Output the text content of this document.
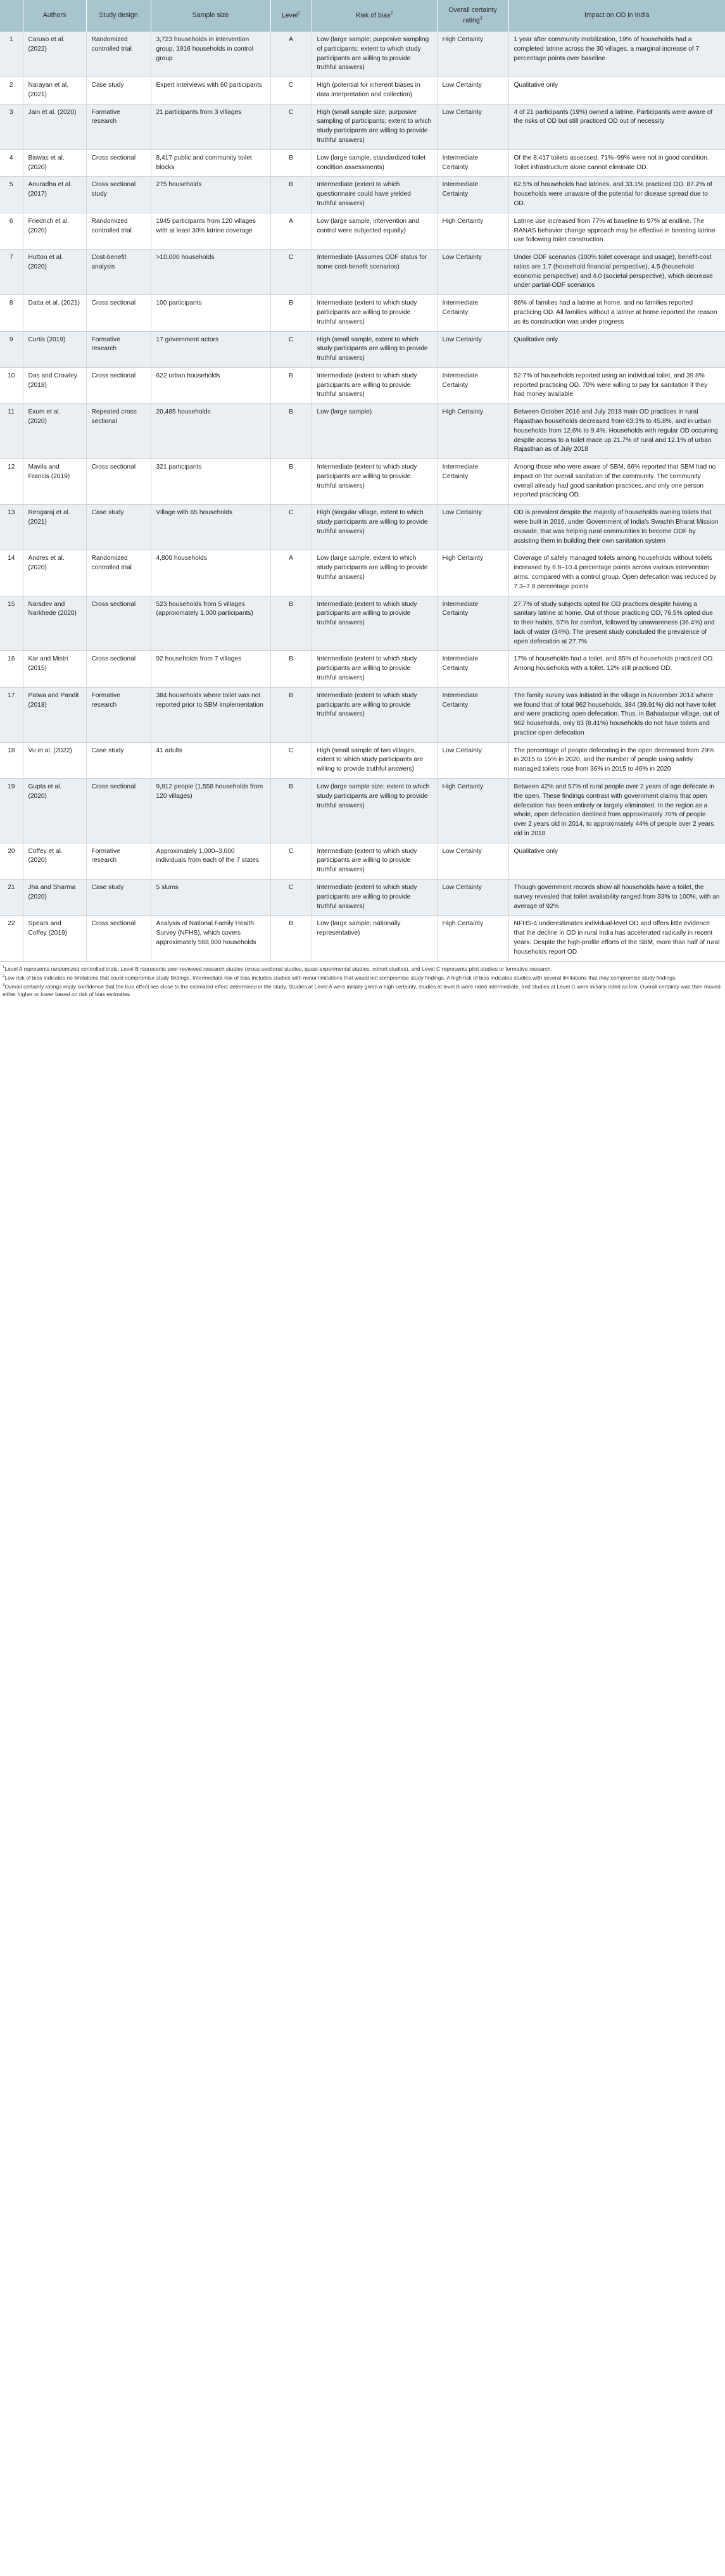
	Authors	Study design	Sample size	Level$^1$	Risk of bias$^2$	Overall certainty rating$^3$	Impact on OD in India
1	Caruso et al. (2022)	Randomized controlled trial	3,723 households in intervention group, 1916 households in control group	A	Low (large sample; purposive sampling of participants; extent to which study participants are willing to provide truthful answers)	High Certainty	1 year after community mobilization, 19% of households had a completed latrine across the 30 villages, a marginal increase of 7 percentage points over baseline
2	Narayan et al. (2021)	Case study	Expert interviews with 60 participants	C	High (potential for inherent biases in data interpretation and collection)	Low Certainty	Qualitative only
3	Jain et al. (2020)	Formative research	21 participants from 3 villages	C	High (small sample size; purposive sampling of participants; extent to which study participants are willing to provide truthful answers)	Low Certainty	4 of 21 participants (19%) owned a latrine. Participants were aware of the risks of OD but still practiced OD out of necessity
4	Biswas et al. (2020)	Cross sectional	8,417 public and community toilet blocks	B	Low (large sample, standardized toilet condition assessments)	Intermediate Certainty	Of the 8,417 toilets assessed, 71%–99% were not in good condition. Toilet infrastructure alone cannot eliminate OD.
5	Anuradha et al. (2017)	Cross sectional study	275 households	B	Intermediate (extent to which questionnaire could have yielded truthful answers)	Intermediate Certainty	62.5% of households had latrines, and 33.1% practiced OD. 87.2% of households were unaware of the potential for disease spread due to OD.
6	Friedrich et al. (2020)	Randomized controlled trial	1945 participants from 120 villages with at least 30% latrine coverage	A	Low (large sample, intervention and control were subjected equally)	High Certainty	Latrine use increased from 77% at baseline to 97% at endline. The RANAS behavior change approach may be effective in boosting latrine use following toilet construction
7	Hutton et al. (2020)	Cost-benefit analysis	>10,000 households	C	Intermediate (Assumes ODF status for some cost-benefit scenarios)	Low Certainty	Under ODF scenarios (100% toilet coverage and usage), benefit-cost ratios are 1.7 (household financial perspective), 4.5 (household economic perspective) and 4.0 (societal perspective), which decrease under partial-ODF scenarios
8	Datta et al. (2021)	Cross sectional	100 participants	B	Intermediate (extent to which study participants are willing to provide truthful answers)	Intermediate Certainty	86% of families had a latrine at home, and no families reported practicing OD. All families without a latrine at home reported the reason as its construction was under progress
9	Curtis (2019)	Formative research	17 government actors	C	High (small sample, extent to which study participants are willing to provide truthful answers)	Low Certainty	Qualitative only
10	Das and Crowley (2018)	Cross sectional	622 urban households	B	Intermediate (extent to which study participants are willing to provide truthful answers)	Intermediate Certainty	52.7% of households reported using an individual toilet, and 39.8% reported practicing OD. 70% were willing to pay for sanitation if they had money available
11	Exum et al. (2020)	Repeated cross sectional	20,485 households	B	Low (large sample)	High Certainty	Between October 2016 and July 2018 main OD practices in rural Rajasthan households decreased from 63.3% to 45.8%, and in urban households from 12.6% to 9.4%. Households with regular OD occurring despite access to a toilet made up 21.7% of rural and 12.1% of urban Rajasthan as of July 2018
12	Mavila and Francis (2019)	Cross sectional	321 participants	B	Intermediate (extent to which study participants are willing to provide truthful answers)	Intermediate Certainty	Among those who were aware of SBM, 66% reported that SBM had no impact on the overall sanitation of the community. The community overall already had good sanitation practices, and only one person reported practicing OD.
13	Rengaraj et al. (2021)	Case study	Village with 65 households	C	High (singular village, extent to which study participants are willing to provide truthful answers)	Low Certainty	OD is prevalent despite the majority of households owning toilets that were built in 2016, under Government of India's Swachh Bharat Mission crusade, that was helping rural communities to become ODF by assisting them in building their own sanitation system
14	Andres et al. (2020)	Randomized controlled trial	4,800 households	A	Low (large sample, extent to which study participants are willing to provide truthful answers)	High Certainty	Coverage of safely managed toilets among households without toilets increased by 6.8–10.4 percentage points across various intervention arms, compared with a control group. Open defecation was reduced by 7.3–7.8 percentage points
15	Narsdev and Narkhede (2020)	Cross sectional	523 households from 5 villages (approximately 1,000 participants)	B	Intermediate (extent to which study participants are willing to provide truthful answers)	Intermediate Certainty	27.7% of study subjects opted for OD practices despite having a sanitary latrine at home. Out of those practicing OD, 76.5% opted due to their habits, 57% for comfort, followed by unawareness (36.4%) and lack of water (34%). The present study concluded the prevalence of open defecation at 27.7%
16	Kar and Mistri (2015)	Cross sectional	92 households from 7 villages	B	Intermediate (extent to which study participants are willing to provide truthful answers)	Intermediate Certainty	17% of households had a toilet, and 85% of households practiced OD. Among households with a toilet, 12% still practiced OD.
17	Patwa and Pandit (2018)	Formative research	384 households where toilet was not reported prior to SBM implementation	B	Intermediate (extent to which study participants are willing to provide truthful answers)	Intermediate Certainty	The family survey was initiated in the village in November 2014 where we found that of total 962 households, 384 (39.91%) did not have toilet and were practicing open defecation. Thus, in Bahadarpur village, out of 962 households, only 83 (8.41%) households do not have toilets and practice open defecation
18	Vu et al. (2022)	Case study	41 adults	C	High (small sample of two villages, extent to which study participants are willing to provide truthful answers)	Low Certainty	The percentage of people defecating in the open decreased from 29% in 2015 to 15% in 2020, and the number of people using safely managed toilets rose from 36% in 2015 to 46% in 2020
19	Gupta et al. (2020)	Cross sectional	9,812 people (1,558 households from 120 villages)	B	Low (large sample size; extent to which study participants are willing to provide truthful answers)	High Certainty	Between 42% and 57% of rural people over 2 years of age defecate in the open. These findings contrast with government claims that open defecation has been entirely or largely eliminated. In the region as a whole, open defecation declined from approximately 70% of people over 2 years old in 2014, to approximately 44% of people over 2 years old in 2018
20	Coffey et al. (2020)	Formative research	Approximately 1,000–3,000 individuals from each of the 7 states	C	Intermediate (extent to which study participants are willing to provide truthful answers)	Low Certainty	Qualitative only
21	Jha and Sharma (2020)	Case study	5 slums	C	Intermediate (extent to which study participants are willing to provide truthful answers)	Low Certainty	Though government records show all households have a toilet, the survey revealed that toilet availability ranged from 33% to 100%, with an average of 92%
22	Spears and Coffey (2019)	Cross sectional	Analysis of National Family Health Survey (NFHS), which covers approximately 568,000 households	B	Low (large sample; nationally representative)	High Certainty	NFHS-4 underestimates individual-level OD and offers little evidence that the decline in OD in rural India has accelerated radically in recent years. Despite the high-profile efforts of the SBM, more than half of rural households report OD

$^1$Level A represents randomized controlled trials, Level B represents peer-reviewed research studies (cross-sectional studies, quasi-experimental studies, cohort studies), and Level C represents pilot studies or formative research.

$^2$Low risk of bias indicates no limitations that could compromise study findings. Intermediate risk of bias includes studies with minor limitations that would not compromise study findings. A high risk of bias indicates studies with several limitations that may compromise study findings.

$^3$Overall certainty ratings imply confidence that the true effect lies close to the estimated effect determined in the study. Studies at Level A were initially given a high certainty, studies at level B were rated intermediate, and studies at Level C were initially rated as low. Overall certainty was then moved either higher or lower based on risk of bias estimates.
